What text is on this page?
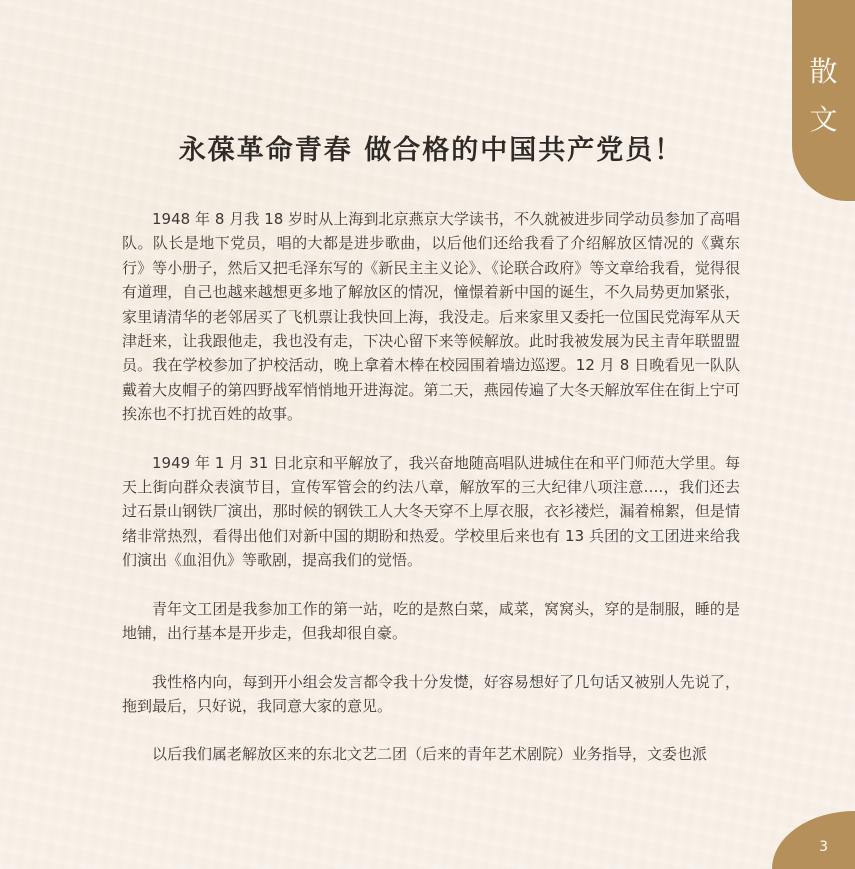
散
文
永葆革命青春 做合格的中国共产党员！

1948 年 8 月我 18 岁时从上海到北京燕京大学读书，不久就被进步同学动员参加了高唱队。队长是地下党员，唱的大都是进步歌曲，以后他们还给我看了介绍解放区情况的《冀东行》等小册子，然后又把毛泽东写的《新民主主义论》、《论联合政府》等文章给我看，觉得很有道理，自己也越来越想更多地了解放区的情况，憧憬着新中国的诞生，不久局势更加紧张，家里请清华的老邻居买了飞机票让我快回上海，我没走。后来家里又委托一位国民党海军从天津赶来，让我跟他走，我也没有走，下决心留下来等候解放。此时我被发展为民主青年联盟盟员。我在学校参加了护校活动，晚上拿着木棒在校园围着墙边巡逻。12 月 8 日晚看见一队队戴着大皮帽子的第四野战军悄悄地开进海淀。第二天，燕园传遍了大冬天解放军住在街上宁可挨冻也不打扰百姓的故事。

1949 年 1 月 31 日北京和平解放了，我兴奋地随高唱队进城住在和平门师范大学里。每天上街向群众表演节目，宣传军管会的约法八章，解放军的三大纪律八项注意….，我们还去过石景山钢铁厂演出，那时候的钢铁工人大冬天穿不上厚衣服，衣衫褛烂，漏着棉絮，但是情绪非常热烈，看得出他们对新中国的期盼和热爱。学校里后来也有 13 兵团的文工团进来给我们演出《血泪仇》等歌剧，提高我们的觉悟。

青年文工团是我参加工作的第一站，吃的是熬白菜，咸菜，窝窝头，穿的是制服，睡的是地铺，出行基本是开步走，但我却很自豪。

我性格内向，每到开小组会发言都令我十分发憷，好容易想好了几句话又被别人先说了，拖到最后，只好说，我同意大家的意见。

以后我们属老解放区来的东北文艺二团（后来的青年艺术剧院）业务指导，文委也派

3
